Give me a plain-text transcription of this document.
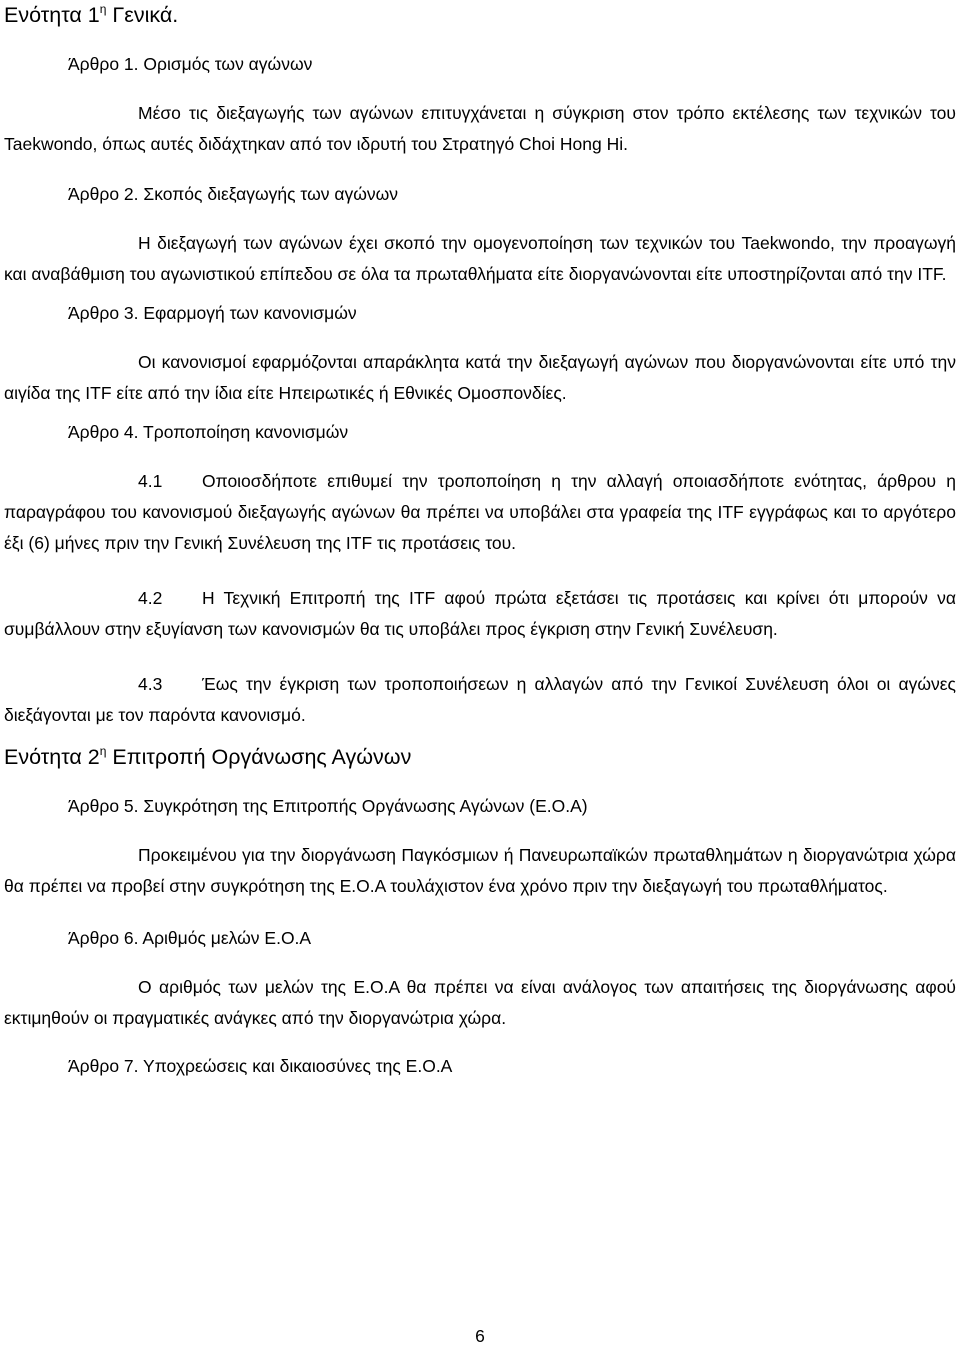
Ενότητα $1^\eta$ Γενικά.
Άρθρο 1. Ορισμός των αγώνων

Μέσο τις διεξαγωγής των αγώνων επιτυγχάνεται η σύγκριση στον τρόπο εκτέλεσης των τεχνικών του Taekwondo, όπως αυτές διδάχτηκαν από τον ιδρυτή του Στρατηγό Choi Hong Hi.

Άρθρο 2. Σκοπός διεξαγωγής των αγώνων

Η διεξαγωγή των αγώνων έχει σκοπό την ομογενοποίηση των τεχνικών του Taekwondo, την προαγωγή και αναβάθμιση του αγωνιστικού επίπεδου σε όλα τα πρωταθλήματα είτε διοργανώνονται είτε υποστηρίζονται από την ITF.

Άρθρο 3. Εφαρμογή των κανονισμών

Οι κανονισμοί εφαρμόζονται απαράκλητα κατά την διεξαγωγή αγώνων που διοργανώνονται είτε υπό την αιγίδα της ITF είτε από την ίδια είτε Ηπειρωτικές ή Εθνικές Ομοσπονδίες.

Άρθρο 4. Τροποποίηση κανονισμών

4.1 Οποιοσδήποτε επιθυμεί την τροποποίηση η την αλλαγή οποιασδήποτε ενότητας, άρθρου η παραγράφου του κανονισμού διεξαγωγής αγώνων θα πρέπει να υποβάλει στα γραφεία της ITF εγγράφως και το αργότερο έξι (6) μήνες πριν την Γενική Συνέλευση της ITF τις προτάσεις του.

4.2 Η Τεχνική Επιτροπή της ITF αφού πρώτα εξετάσει τις προτάσεις και κρίνει ότι μπορούν να συμβάλλουν στην εξυγίανση των κανονισμών θα τις υποβάλει προς έγκριση στην Γενική Συνέλευση.

4.3 Έως την έγκριση των τροποποιήσεων η αλλαγών από την Γενικοί Συνέλευση όλοι οι αγώνες διεξάγονται με τον παρόντα κανονισμό.

Ενότητα $2^\eta$ Επιτροπή Οργάνωσης Αγώνων
Άρθρο 5. Συγκρότηση της Επιτροπής Οργάνωσης Αγώνων (Ε.Ο.Α)

Προκειμένου για την διοργάνωση Παγκόσμιων ή Πανευρωπαϊκών πρωταθλημάτων η διοργανώτρια χώρα θα πρέπει να προβεί στην συγκρότηση της Ε.Ο.Α τουλάχιστον ένα χρόνο πριν την διεξαγωγή του πρωταθλήματος.

Άρθρο 6. Αριθμός μελών Ε.Ο.Α

Ο αριθμός των μελών της Ε.Ο.Α θα πρέπει να είναι ανάλογος των απαιτήσεις της διοργάνωσης αφού εκτιμηθούν οι πραγματικές ανάγκες από την διοργανώτρια χώρα.

Άρθρο 7. Υποχρεώσεις και δικαιοσύνες της Ε.Ο.Α
6
